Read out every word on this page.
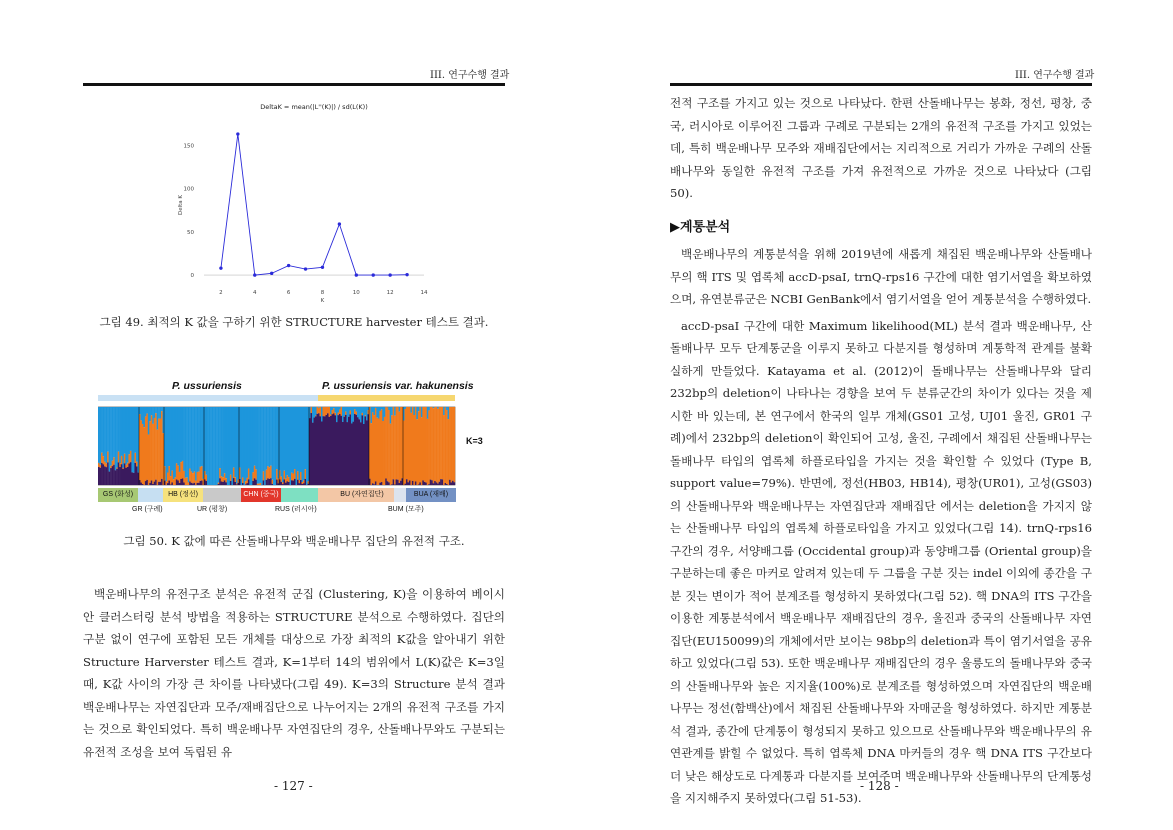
III. 연구수행 결과
DeltaK = mean(|L''(K)|) / sd(L(K))
0
50
100
150
2	4	6	8	10	12	14
K
Delta K
그림 49. 최적의 K 값을 구하기 위한 STRUCTURE harvester 테스트 결과.
P. ussuriensis	P. ussuriensis var. hakunensis
K=3
GS (화성)	HB (정선)	CHN (중국)	BU (자연집단)	BUA (재배)
GR (구례)	UR (평창)	RUS (러시아)	BUM (모주)
그림 50. K 값에 따른 산돌배나무와 백운배나무 집단의 유전적 구조.

백운배나무의 유전구조 분석은 유전적 군집 (Clustering, K)을 이용하여 베이시안 클러스터링 분석 방법을 적용하는 STRUCTURE 분석으로 수행하였다. 집단의 구분 없이 연구에 포함된 모든 개체를 대상으로 가장 최적의 K값을 알아내기 위한 Structure Harverster 테스트 결과, K=1부터 14의 범위에서 L(K)값은 K=3일 때, K값 사이의 가장 큰 차이를 나타냈다(그림 49). K=3의 Structure 분석 결과 백운배나무는 자연집단과 모주/재배집단으로 나누어지는 2개의 유전적 구조를 가지는 것으로 확인되었다. 특히 백운배나무 자연집단의 경우, 산돌배나무와도 구분되는 유전적 조성을 보여 독립된 유

- 127 -
III. 연구수행 결과

전적 구조를 가지고 있는 것으로 나타났다. 한편 산돌배나무는 봉화, 정선, 평창, 중국, 러시아로 이루어진 그룹과 구례로 구분되는 2개의 유전적 구조를 가지고 있었는데, 특히 백운배나무 모주와 재배집단에서는 지리적으로 거리가 가까운 구례의 산돌배나무와 동일한 유전적 구조를 가져 유전적으로 가까운 것으로 나타났다 (그림 50).

▶계통분석

백운배나무의 계통분석을 위해 2019년에 새롭게 채집된 백운배나무와 산돌배나무의 핵 ITS 및 엽록체 accD-psaI, trnQ-rps16 구간에 대한 염기서열을 확보하였으며, 유연분류군은 NCBI GenBank에서 염기서열을 얻어 계통분석을 수행하였다.

accD-psaI 구간에 대한 Maximum likelihood(ML) 분석 결과 백운배나무, 산돌배나무 모두 단계통군을 이루지 못하고 다분지를 형성하며 계통학적 관계를 불확실하게 만들었다. Katayama et al. (2012)이 돌배나무는 산돌배나무와 달리 232bp의 deletion이 나타나는 경향을 보여 두 분류군간의 차이가 있다는 것을 제시한 바 있는데, 본 연구에서 한국의 일부 개체(GS01 고성, UJ01 울진, GR01 구례)에서 232bp의 deletion이 확인되어 고성, 울진, 구례에서 채집된 산돌배나무는 돌배나무 타입의 엽록체 하플로타입을 가지는 것을 확인할 수 있었다 (Type B, support value=79%). 반면에, 정선(HB03, HB14), 평창(UR01), 고성(GS03)의 산돌배나무와 백운배나무는 자연집단과 재배집단 에서는 deletion을 가지지 않는 산돌배나무 타입의 엽록체 하플로타입을 가지고 있었다(그림 14). trnQ-rps16 구간의 경우, 서양배그룹 (Occidental group)과 동양배그룹 (Oriental group)을 구분하는데 좋은 마커로 알려져 있는데 두 그룹을 구분 짓는 indel 이외에 종간을 구분 짓는 변이가 적어 분계조를 형성하지 못하였다(그림 52). 핵 DNA의 ITS 구간을 이용한 계통분석에서 백운배나무 재배집단의 경우, 울진과 중국의 산돌배나무 자연집단(EU150099)의 개체에서만 보이는 98bp의 deletion과 특이 염기서열을 공유하고 있었다(그림 53). 또한 백운배나무 재배집단의 경우 울릉도의 돌배나무와 중국의 산돌배나무와 높은 지지율(100%)로 분계조를 형성하였으며 자연집단의 백운배나무는 정선(함백산)에서 채집된 산돌배나무와 자매군을 형성하였다. 하지만 계통분석 결과, 종간에 단계통이 형성되지 못하고 있으므로 산돌배나무와 백운배나무의 유연관계를 밝힐 수 없었다. 특히 엽록체 DNA 마커들의 경우 핵 DNA ITS 구간보다 더 낮은 해상도로 다계통과 다분지를 보여주며 백운배나무와 산돌배나무의 단계통성을 지지해주지 못하였다(그림 51-53).

- 128 -
